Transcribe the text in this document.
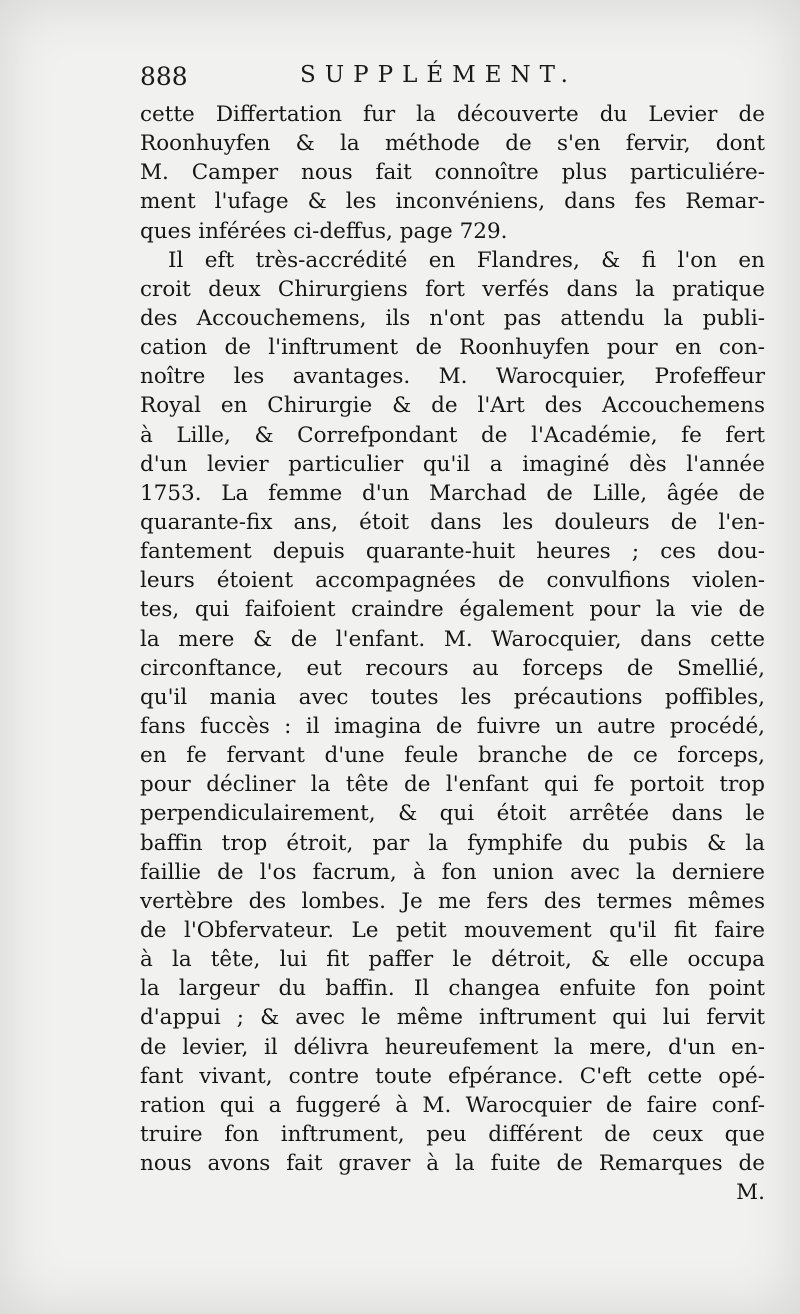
888	SUPPLÉMENT.
cette Differtation fur la découverte du Levier de
Roonhuyfen & la méthode de s'en fervir, dont
M. Camper nous fait connoître plus particuliére-
ment l'ufage & les inconvéniens, dans fes Remar-
ques inférées ci-deffus, page 729.
Il eft très-accrédité en Flandres, & fi l'on en
croit deux Chirurgiens fort verfés dans la pratique
des Accouchemens, ils n'ont pas attendu la publi-
cation de l'inftrument de Roonhuyfen pour en con-
noître les avantages. M. Warocquier, Profeffeur
Royal en Chirurgie & de l'Art des Accouchemens
à Lille, & Correfpondant de l'Académie, fe fert
d'un levier particulier qu'il a imaginé dès l'année
1753. La femme d'un Marchad de Lille, âgée de
quarante-fix ans, étoit dans les douleurs de l'en-
fantement depuis quarante-huit heures ; ces dou-
leurs étoient accompagnées de convulfions violen-
tes, qui faifoient craindre également pour la vie de
la mere & de l'enfant. M. Warocquier, dans cette
circonftance, eut recours au forceps de Smellié,
qu'il mania avec toutes les précautions poffibles,
fans fuccès : il imagina de fuivre un autre procédé,
en fe fervant d'une feule branche de ce forceps,
pour décliner la tête de l'enfant qui fe portoit trop
perpendiculairement, & qui étoit arrêtée dans le
baffin trop étroit, par la fymphife du pubis & la
faillie de l'os facrum, à fon union avec la derniere
vertèbre des lombes. Je me fers des termes mêmes
de l'Obfervateur. Le petit mouvement qu'il fit faire
à la tête, lui fit paffer le détroit, & elle occupa
la largeur du baffin. Il changea enfuite fon point
d'appui ; & avec le même inftrument qui lui fervit
de levier, il délivra heureufement la mere, d'un en-
fant vivant, contre toute efpérance. C'eft cette opé-
ration qui a fuggeré à M. Warocquier de faire conf-
truire fon inftrument, peu différent de ceux que
nous avons fait graver à la fuite de Remarques de
M.
